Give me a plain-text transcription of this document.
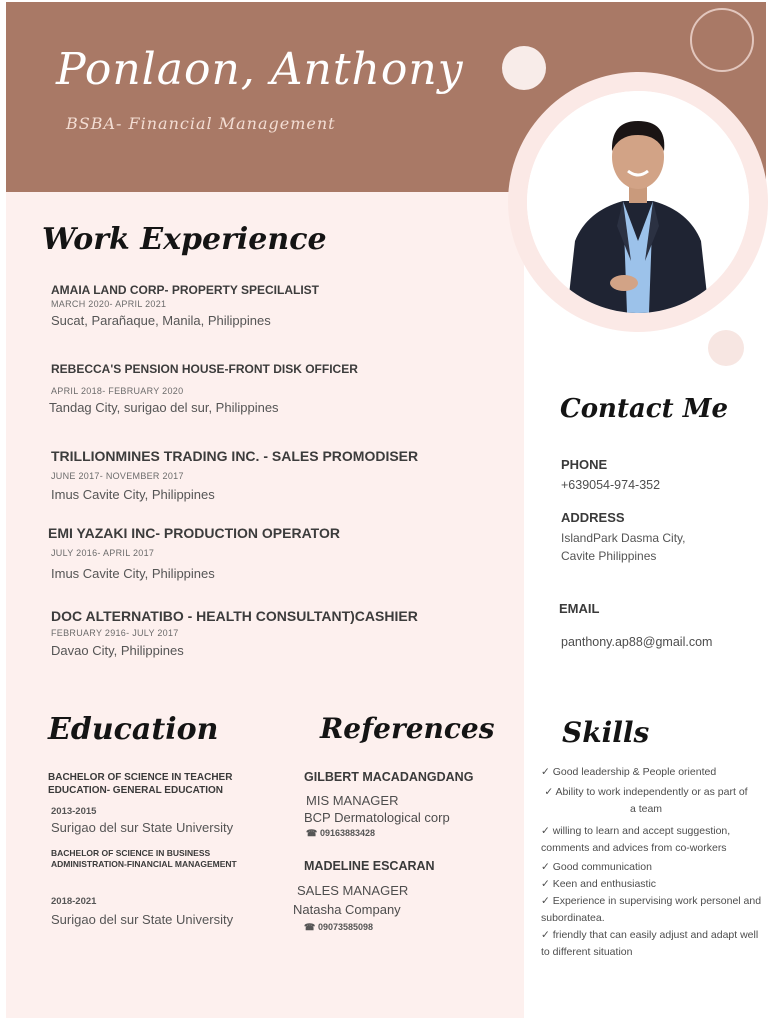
Ponlaon, Anthony
BSBA- Financial Management
Work Experience
AMAIA LAND CORP- PROPERTY SPECILALIST
MARCH 2020- APRIL 2021
Sucat, Parañaque, Manila, Philippines
REBECCA'S PENSION HOUSE-FRONT DISK OFFICER
APRIL 2018- FEBRUARY 2020
Tandag City, surigao del sur, Philippines
TRILLIONMINES TRADING INC. - SALES PROMODISER
JUNE 2017- NOVEMBER 2017
Imus Cavite City, Philippines
EMI YAZAKI INC- PRODUCTION OPERATOR
JULY 2016- APRIL 2017
Imus Cavite City, Philippines
DOC ALTERNATIBO - HEALTH CONSULTANT)CASHIER
FEBRUARY 2916- JULY 2017
Davao City, Philippines
Contact Me
PHONE
+639054-974-352
ADDRESS
IslandPark Dasma City,
Cavite Philippines
EMAIL
panthony.ap88@gmail.com
Education
BACHELOR OF SCIENCE IN TEACHER EDUCATION- GENERAL EDUCATION
2013-2015
Surigao del sur State University
BACHELOR OF SCIENCE IN BUSINESS ADMINISTRATION-FINANCIAL MANAGEMENT
2018-2021
Surigao del sur State University
References
GILBERT MACADANGDANG
MIS MANAGER
BCP Dermatological corp
☎ 09163883428
MADELINE ESCARAN
SALES MANAGER
Natasha Company
☎ 09073585098
Skills
✓ Good leadership & People oriented
✓ Ability to work independently or as part of a team
✓ willing to learn and accept suggestion, comments and advices from co-workers
✓ Good communication
✓ Keen and enthusiastic
✓ Experience in supervising work personel and subordinatea.
✓ friendly that can easily adjust and adapt well to different situation
